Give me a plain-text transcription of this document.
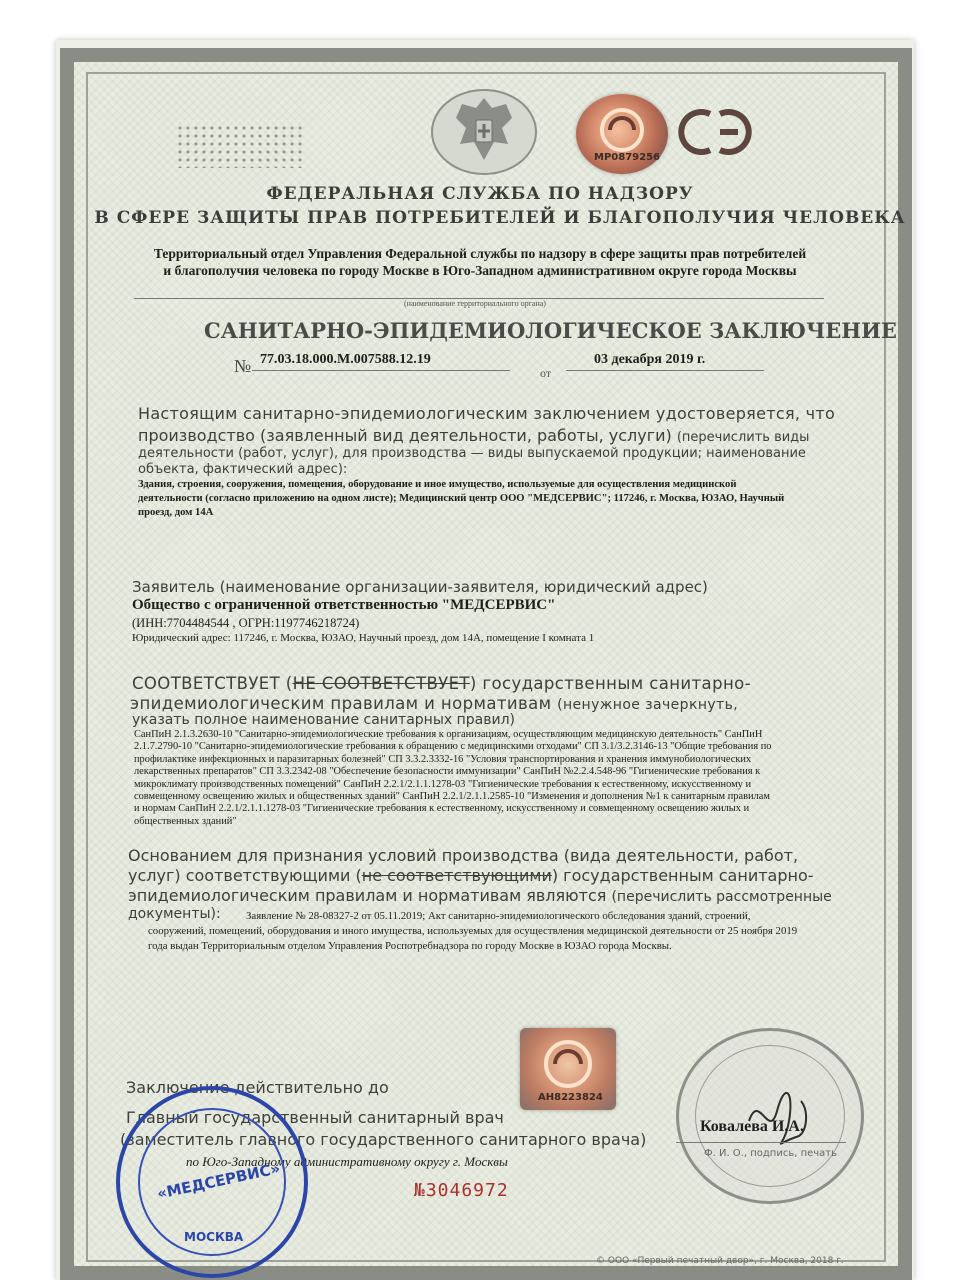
МР0879256
ФЕДЕРАЛЬНАЯ СЛУЖБА ПО НАДЗОРУ
В СФЕРЕ ЗАЩИТЫ ПРАВ ПОТРЕБИТЕЛЕЙ И БЛАГОПОЛУЧИЯ ЧЕЛОВЕКА
Территориальный отдел Управления Федеральной службы по надзору в сфере защиты прав потребителей
и благополучия человека по городу Москве в Юго-Западном административном округе города Москвы
(наименование территориального органа)
САНИТАРНО-ЭПИДЕМИОЛОГИЧЕСКОЕ ЗАКЛЮЧЕНИЕ
№ 77.03.18.000.М.007588.12.19
от
03 декабря 2019 г.
Настоящим санитарно-эпидемиологическим заключением удостоверяется, что
производство (заявленный вид деятельности, работы, услуги) (перечислить виды
деятельности (работ, услуг), для производства — виды выпускаемой продукции; наименование
объекта, фактический адрес):
Здания, строения, сооружения, помещения, оборудование и иное имущество, используемые для осуществления медицинской
деятельности (согласно приложению на одном листе); Медицинский центр ООО "МЕДСЕРВИС"; 117246, г. Москва, ЮЗАО, Научный
проезд, дом 14А
Заявитель (наименование организации-заявителя, юридический адрес)
Общество с ограниченной ответственностью "МЕДСЕРВИС"
(ИНН:7704484544 , ОГРН:1197746218724)
Юридический адрес: 117246, г. Москва, ЮЗАО, Научный проезд, дом 14А, помещение I комната 1
СООТВЕТСТВУЕТ (НЕ СООТВЕТСТВУЕТ) государственным санитарно-
эпидемиологическим правилам и нормативам (ненужное зачеркнуть,
указать полное наименование санитарных правил)
СанПиН 2.1.3.2630-10 "Санитарно-эпидемиологические требования к организациям, осуществляющим медицинскую деятельность" СанПиН
2.1.7.2790-10 "Санитарно-эпидемиологические требования к обращению с медицинскими отходами" СП 3.1/3.2.3146-13 "Общие требования по
профилактике инфекционных и паразитарных болезней" СП 3.3.2.3332-16 "Условия транспортирования и хранения иммунобиологических
лекарственных препаратов" СП 3.3.2342-08 "Обеспечение безопасности иммунизации" СанПиН №2.2.4.548-96 "Гигиенические требования к
микроклимату производственных помещений" СанПиН 2.2.1/2.1.1.1278-03 "Гигиенические требования к естественному, искусственному и
совмещенному освещению жилых и общественных зданий" СанПиН 2.2.1/2.1.1.2585-10 "Изменения и дополнения №1 к санитарным правилам
и нормам СанПиН 2.2.1/2.1.1.1278-03 "Гигиенические требования к естественному, искусственному и совмещенному освещению жилых и
общественных зданий"
Основанием для признания условий производства (вида деятельности, работ,
услуг) соответствующими (не соответствующими) государственным санитарно-
эпидемиологическим правилам и нормативам являются (перечислить рассмотренные
документы): Заявление № 28-08327-2 от 05.11.2019; Акт санитарно-эпидемиологического обследования зданий, строений,
сооружений, помещений, оборудования и иного имущества, используемых для осуществления медицинской деятельности от 25 ноября 2019
года выдан Территориальным отделом Управления Роспотребнадзора по городу Москве в ЮЗАО города Москвы.
АН8223824
Заключение действительно до
Главный государственный санитарный врач
(заместитель главного государственного санитарного врача)
по Юго-Западному административному округу г. Москвы
№3046972
Ковалева И.А.
Ф. И. О., подпись, печать
«МЕДСЕРВИС»
МОСКВА
© ООО «Первый печатный двор», г. Москва, 2018 г.
